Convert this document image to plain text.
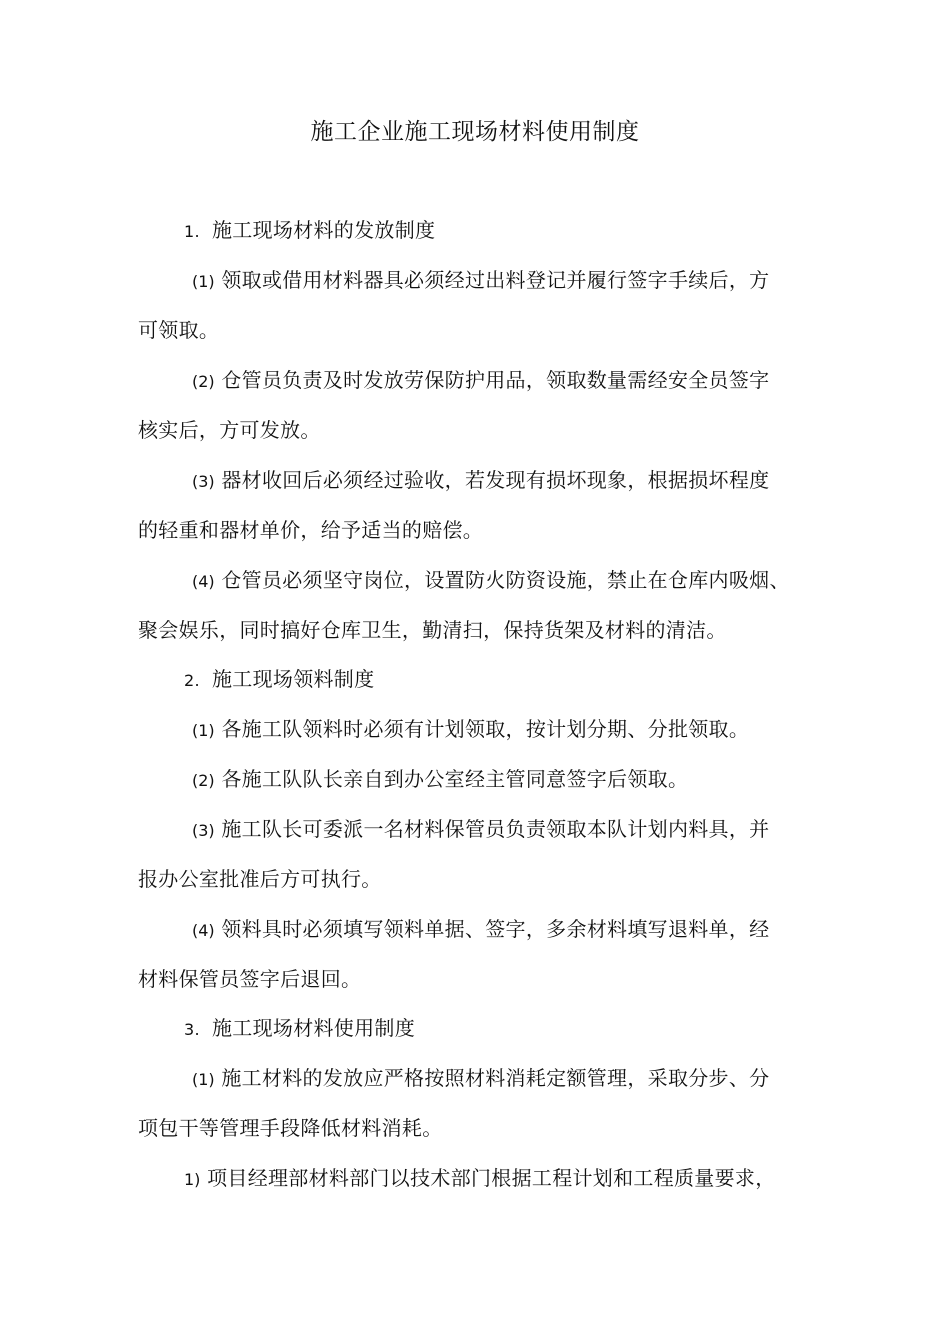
施工企业施工现场材料使用制度
1. 施工现场材料的发放制度
(1) 领取或借用材料器具必须经过出料登记并履行签字手续后，方
可领取。
(2) 仓管员负责及时发放劳保防护用品，领取数量需经安全员签字
核实后，方可发放。
(3) 器材收回后必须经过验收，若发现有损坏现象，根据损坏程度
的轻重和器材单价，给予适当的赔偿。
(4) 仓管员必须坚守岗位，设置防火防资设施，禁止在仓库内吸烟、
聚会娱乐，同时搞好仓库卫生，勤清扫，保持货架及材料的清洁。
2. 施工现场领料制度
(1) 各施工队领料时必须有计划领取，按计划分期、分批领取。
(2) 各施工队队长亲自到办公室经主管同意签字后领取。
(3) 施工队长可委派一名材料保管员负责领取本队计划内料具，并
报办公室批准后方可执行。
(4) 领料具时必须填写领料单据、签字，多余材料填写退料单，经
材料保管员签字后退回。
3. 施工现场材料使用制度
(1) 施工材料的发放应严格按照材料消耗定额管理，采取分步、分
项包干等管理手段降低材料消耗。
1) 项目经理部材料部门以技术部门根据工程计划和工程质量要求，
